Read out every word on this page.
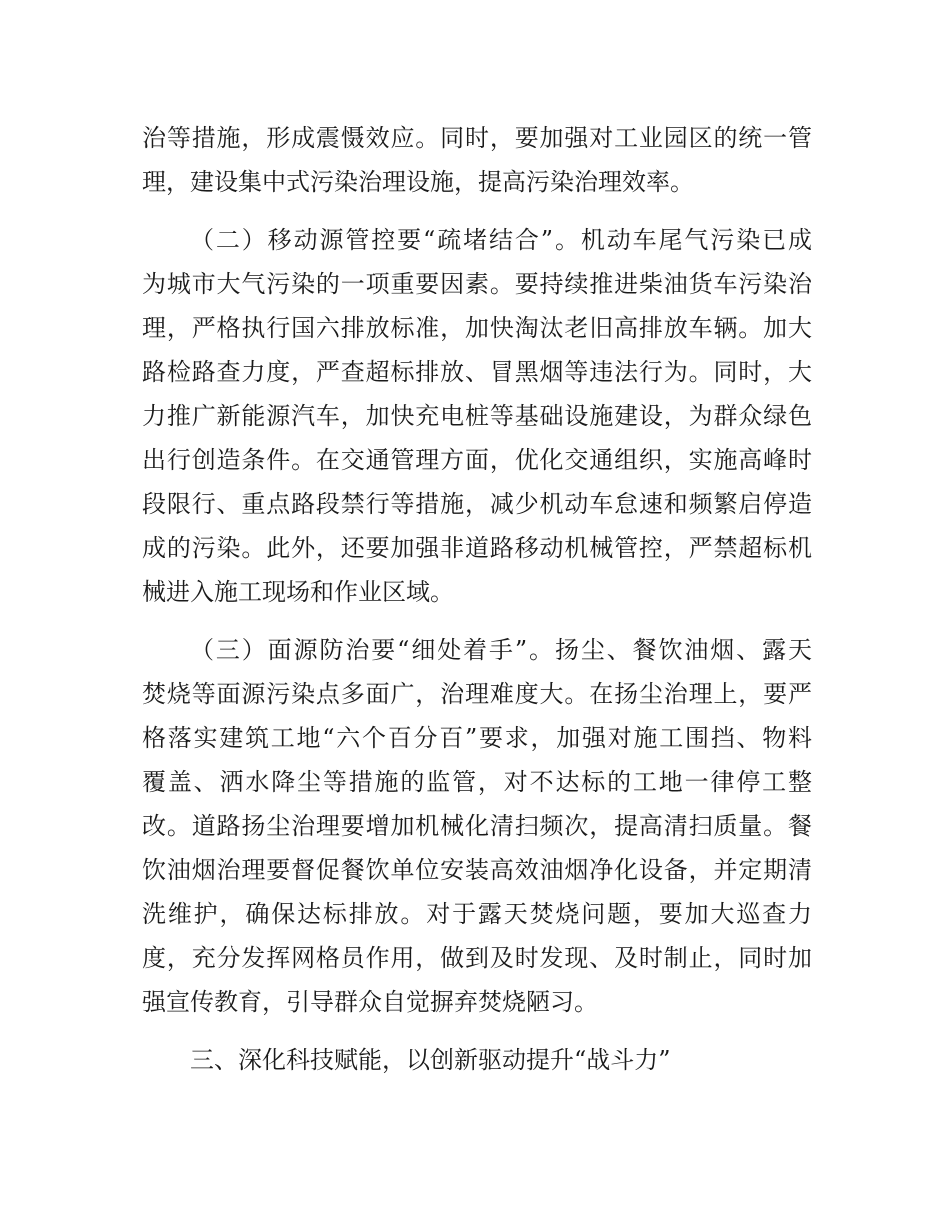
治等措施，形成震慑效应。同时，要加强对工业园区的统一管
理，建设集中式污染治理设施，提高污染治理效率。
（二）移动源管控要“疏堵结合”。机动车尾气污染已成
为城市大气污染的一项重要因素。要持续推进柴油货车污染治
理，严格执行国六排放标准，加快淘汰老旧高排放车辆。加大
路检路查力度，严查超标排放、冒黑烟等违法行为。同时，大
力推广新能源汽车，加快充电桩等基础设施建设，为群众绿色
出行创造条件。在交通管理方面，优化交通组织，实施高峰时
段限行、重点路段禁行等措施，减少机动车怠速和频繁启停造
成的污染。此外，还要加强非道路移动机械管控，严禁超标机
械进入施工现场和作业区域。
（三）面源防治要“细处着手”。扬尘、餐饮油烟、露天
焚烧等面源污染点多面广，治理难度大。在扬尘治理上，要严
格落实建筑工地“六个百分百”要求，加强对施工围挡、物料
覆盖、洒水降尘等措施的监管，对不达标的工地一律停工整
改。道路扬尘治理要增加机械化清扫频次，提高清扫质量。餐
饮油烟治理要督促餐饮单位安装高效油烟净化设备，并定期清
洗维护，确保达标排放。对于露天焚烧问题，要加大巡查力
度，充分发挥网格员作用，做到及时发现、及时制止，同时加
强宣传教育，引导群众自觉摒弃焚烧陋习。
三、深化科技赋能，以创新驱动提升“战斗力”
